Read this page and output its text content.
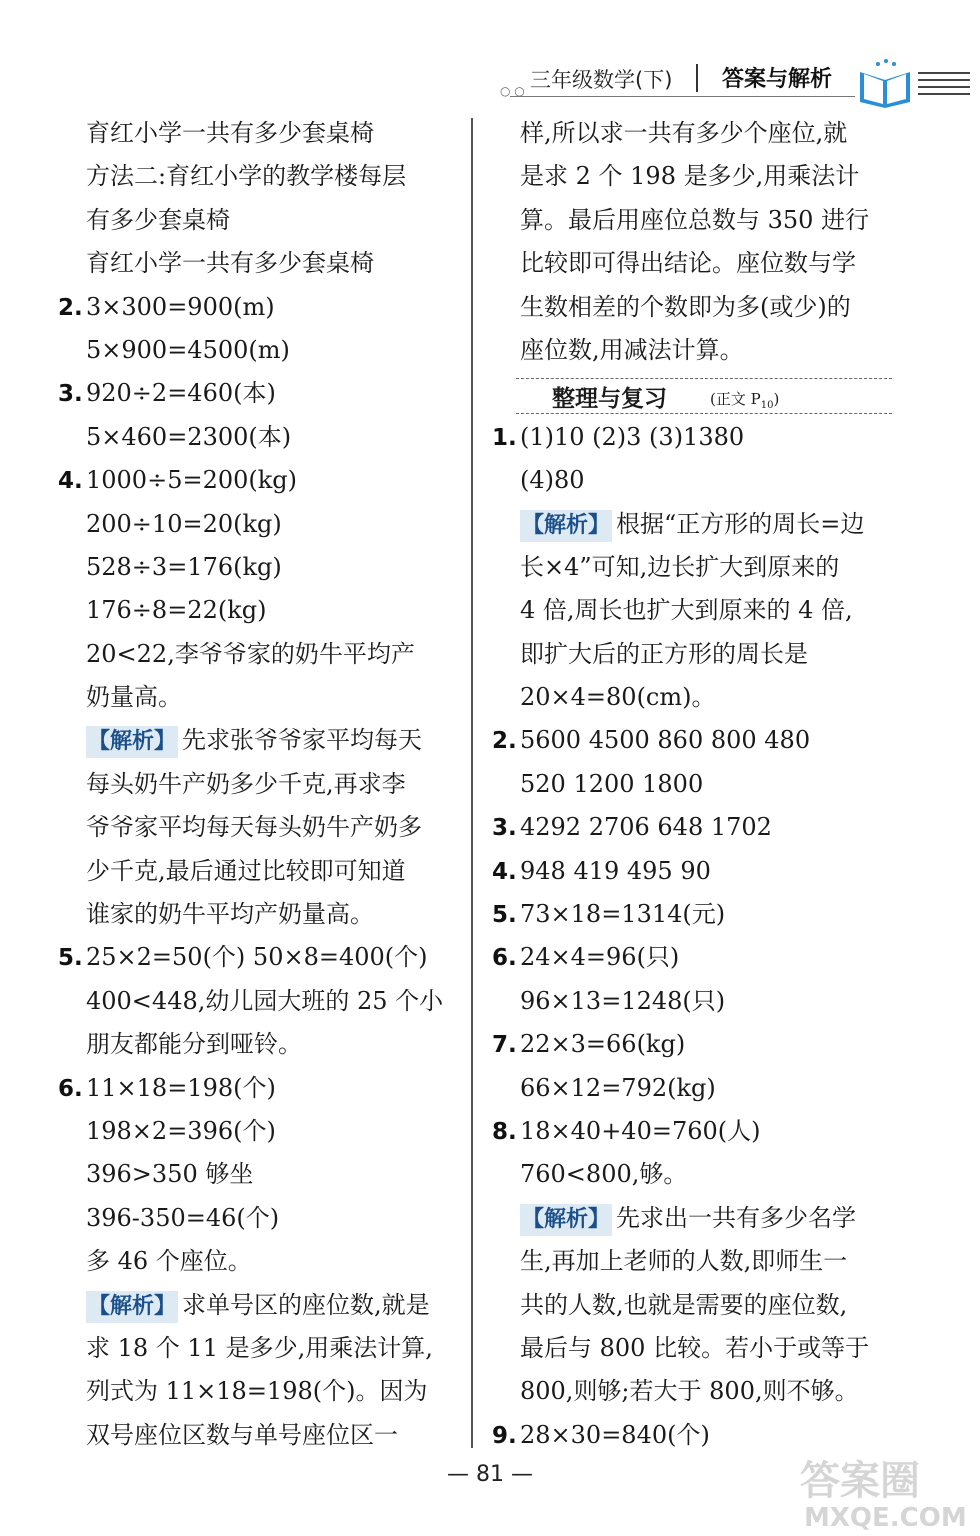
○ ○ 三年级数学(下) 答案与解析
育红小学一共有多少套桌椅
方法二:育红小学的教学楼每层
有多少套桌椅
育红小学一共有多少套桌椅
2. 3×300=900(m)
5×900=4500(m)
3. 920÷2=460(本)
5×460=2300(本)
4. 1000÷5=200(kg)
200÷10=20(kg)
528÷3=176(kg)
176÷8=22(kg)
20<22,李爷爷家的奶牛平均产
奶量高。
【解析】 先求张爷爷家平均每天
每头奶牛产奶多少千克,再求李
爷爷家平均每天每头奶牛产奶多
少千克,最后通过比较即可知道
谁家的奶牛平均产奶量高。
5. 25×2=50(个) 50×8=400(个)
400<448,幼儿园大班的 25 个小
朋友都能分到哑铃。
6. 11×18=198(个)
198×2=396(个)
396>350 够坐
396-350=46(个)
多 46 个座位。
【解析】 求单号区的座位数,就是
求 18 个 11 是多少,用乘法计算,
列式为 11×18=198(个)。因为
双号座位区数与单号座位区一
样,所以求一共有多少个座位,就
是求 2 个 198 是多少,用乘法计
算。最后用座位总数与 350 进行
比较即可得出结论。座位数与学
生数相差的个数即为多(或少)的
座位数,用减法计算。
整理与复习	(正文 $P_{10}$)
1. (1)10 (2)3 (3)1380
(4)80
【解析】 根据“正方形的周长=边
长×4”可知,边长扩大到原来的
4 倍,周长也扩大到原来的 4 倍,
即扩大后的正方形的周长是
20×4=80(cm)。
2. 5600 4500 860 800 480
520 1200 1800
3. 4292 2706 648 1702
4. 948 419 495 90
5. 73×18=1314(元)
6. 24×4=96(只)
96×13=1248(只)
7. 22×3=66(kg)
66×12=792(kg)
8. 18×40+40=760(人)
760<800,够。
【解析】 先求出一共有多少名学
生,再加上老师的人数,即师生一
共的人数,也就是需要的座位数,
最后与 800 比较。若小于或等于
800,则够;若大于 800,则不够。
9. 28×30=840(个)
— 81 —	答案圈
MXQE.COM
